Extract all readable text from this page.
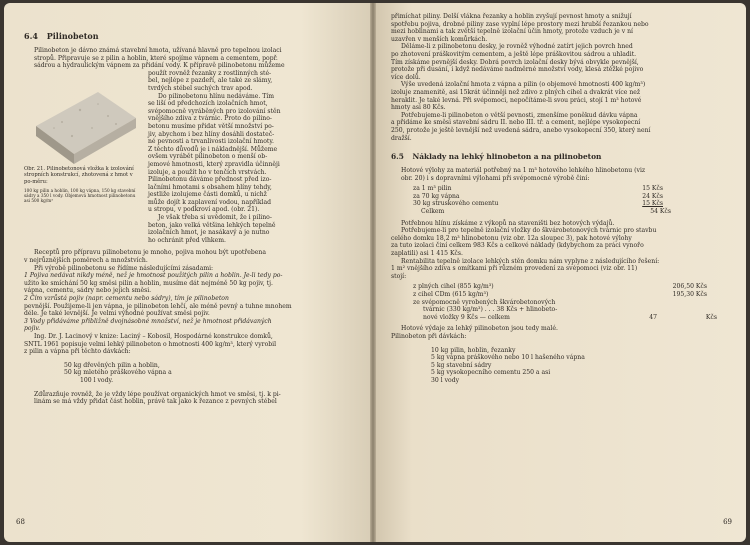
6.4 Pilinobeton

Pilinobeton je dávno známá stavební hmota, užívaná hlavně pro tepelnou izolaci

stropů. Připravuje se z pilin a hoblin, které spojíme vápnem a cementem, popř.

sádrou a hydraulickým vápnem za přidání vody. K přípravě pilinobetonu můžeme

Obr. 21. Pilinobetonová vložka k izolování stropních konstrukcí, zhotovená z hmot v po-měru:
100 kg pilin a hoblin, 100 kg vápna, 150 kg stavební sádry a 350 l vody. Objemová hmotnost pilinobetonu asi 500 kg/m³

použít rovněž řezanky z rostlinných sté-

bel, nejlépe z pazdeří, ale také ze slámy,

tvrdých stébel suchých trav apod.

Do pilinobetonu hlínu nedáváme. Tím

se liší od předchozích izolačních hmot,

svépomocně vyráběných pro izolování stěn

vnějšího zdiva z tvárnic. Proto do pilino-

betonu musíme přidat větší množství po-

jiv, abychom i bez hlíny dosáhli dostateč-

né pevnosti a trvanlivosti izolační hmoty.

Z těchto důvodů je i nákladnější. Můžeme

ovšem vyrábět pilinobeton o menší ob-

jemové hmotnosti, který zpravidla účinněji

izoluje, a použít ho v tenčích vrstvách.

Pilinobetonu dáváme přednost před izo-

lačními hmotami s obsahem hlíny tehdy,

jestliže izolujeme části domků, u nichž

může dojít k zaplavení vodou, například

u stropu, v podkroví apod. (obr. 21).

Je však třeba si uvědomit, že i pilino-

beton, jako velká většina lehkých tepelně

izolačních hmot, je nasákavý a je nutno

ho ochránit před vlhkem.

Receptů pro přípravu pilinobetonu je mnoho, pojiva mohou být upotřebena

v nejrůznějších poměrech a množstvích.

Při výrobě pilinobetonu se řídíme následujícími zásadami:

1 Pojiva nedávat nikdy méně, než je hmotnost použitých pilin a hoblin. Je-li tedy po-

užito ke smíchání 50 kg směsi pilin a hoblin, musíme dát nejméně 50 kg pojiv, tj.

vápna, cementu, sádry nebo jejich směsi.

2 Čím vzrůstá pojiv (napr. cementu nebo sádry), tím je pilinobeton

pevnější. Použijeme-li jen vápna, je pilinobeton lehčí, ale méně pevný a tuhne mnohem

déle. Je také levnější. Je velmi výhodné používat směsi pojiv.

3 Vody přidáváme přibližně dvojnásobné množství, než je hmotnost přidávaných

pojiv.

Ing. Dr. J. Lacinový v knize: Laciný – Kobosil, Hospodárné konstrukce domků,

SNTL 1961 popisuje velmi lehký pilinobeton o hmotnosti 400 kg/m³, který vyrobil

z pilin a vápna při těchto dávkách:

50 kg dřevěných pilin a hoblin,

50 kg mletého práškového vápna a

100 l vody.

Zdůrazňuje rovněž, že je vždy lépe používat organických hmot ve směsi, tj. k pi-

linám se má vždy přidat část hoblin, právě tak jako k řezance z pevných stébel

68

přimíchat piliny. Delší vlákna řezanky a hoblin zvyšují pevnost hmoty a snižují

spotřebu pojiva, drobné piliny zase vyplní lépe prostory mezi hrubší řezankou nebo

mezi hoblinami a tak zvětší tepelně izolační účin hmoty, protože vzduch je v ní

uzavřen v menších komůrkách.

Děláme-li z pilinobetonu desky, je rovněž výhodné zatírt jejich povrch hned

po zhotovení práškovitým cementem, a ještě lépe práškovitou sádrou a uhladit.

Tím získáme pevnější desky. Dobrá povrch izolační desky bývá obvykle pevnější,

protože při dusání, i když nedáváme nadměrné množství vody, klesá ztěžké pojivo

více dolů.

Výše uvedená izolační hmota z vápna a pilin (o objemové hmotnosti 400 kg/m³)

izoluje znamenitě, asi 15krát účinněji než zdivo z plných cihel a dvakrát více než

heraklit. Je také levná. Při svépomoci, nepočítáme-li svou práci, stojí 1 m³ hotové

hmoty asi 80 Kčs.

Potřebujeme-li pilinobeton o větší pevnosti, zmenšíme poněkud dávku vápna

a přidáme ke směsi stavební sádru II. nebo III. tř. a cement, nejlépe vysokopecní

250, protože je ještě levnější než uvedená sádra, anebo vysokopecní 350, který není

dražší.

6.5 Náklady na lehký hlinobeton a na pilinobeton

Hotové výlohy za materiál potřebný na 1 m³ hotového lehkého hlinobetonu (viz

obr. 20) i s dopravními výlohami při svépomocné výrobě činí:

za 1 m³ pilin	15 Kčs
za 70 kg vápna	24 Kčs
30 kg struskového cementu	15 Kčs
Celkem	54 Kčs

Potřebnou hlínu získáme z výkopů na staveništi bez hotových výdajů.

Potřebujeme-li pro tepelně izolační vložky do škvárobetonových tvárnic pro stavbu

celého domku 18,2 m³ hlinobetonu (viz obr. 12a sloupec 3), pak hotové výlohy

za tuto izolaci činí celkem 983 Kčs a celkové náklady (kdybychom za práci vynořo

zaplatili) asi 1 415 Kčs.

Rentabilita tepelně izolace lehkých stěn domku nám vyplyne z následujícího řešení:

1 m² vnějšího zdiva s omítkami při různém provedení za svépomoci (viz obr. 11)

stojí:

z plných cihel (855 kg/m³)	206,50 Kčs
z cihel CDm (615 kg/m³)	195,30 Kčs
ze svépomocně vyrobených škvárobetonových
tvárnic (330 kg/m³) . . . 38 Kčs + hlinobeto-
nové vložky 9 Kčs — celkem	47	Kčs

Hotové výdaje za lehký pilinobeton jsou tedy malé.

Pilinobeton při dávkách:

10 kg pilin, hoblin, řezanky

5 kg vápna práškového nebo 10 l hašeného vápna

5 kg stavební sádry

5 kg vysokopecního cementu 250 a asi

30 l vody

69
